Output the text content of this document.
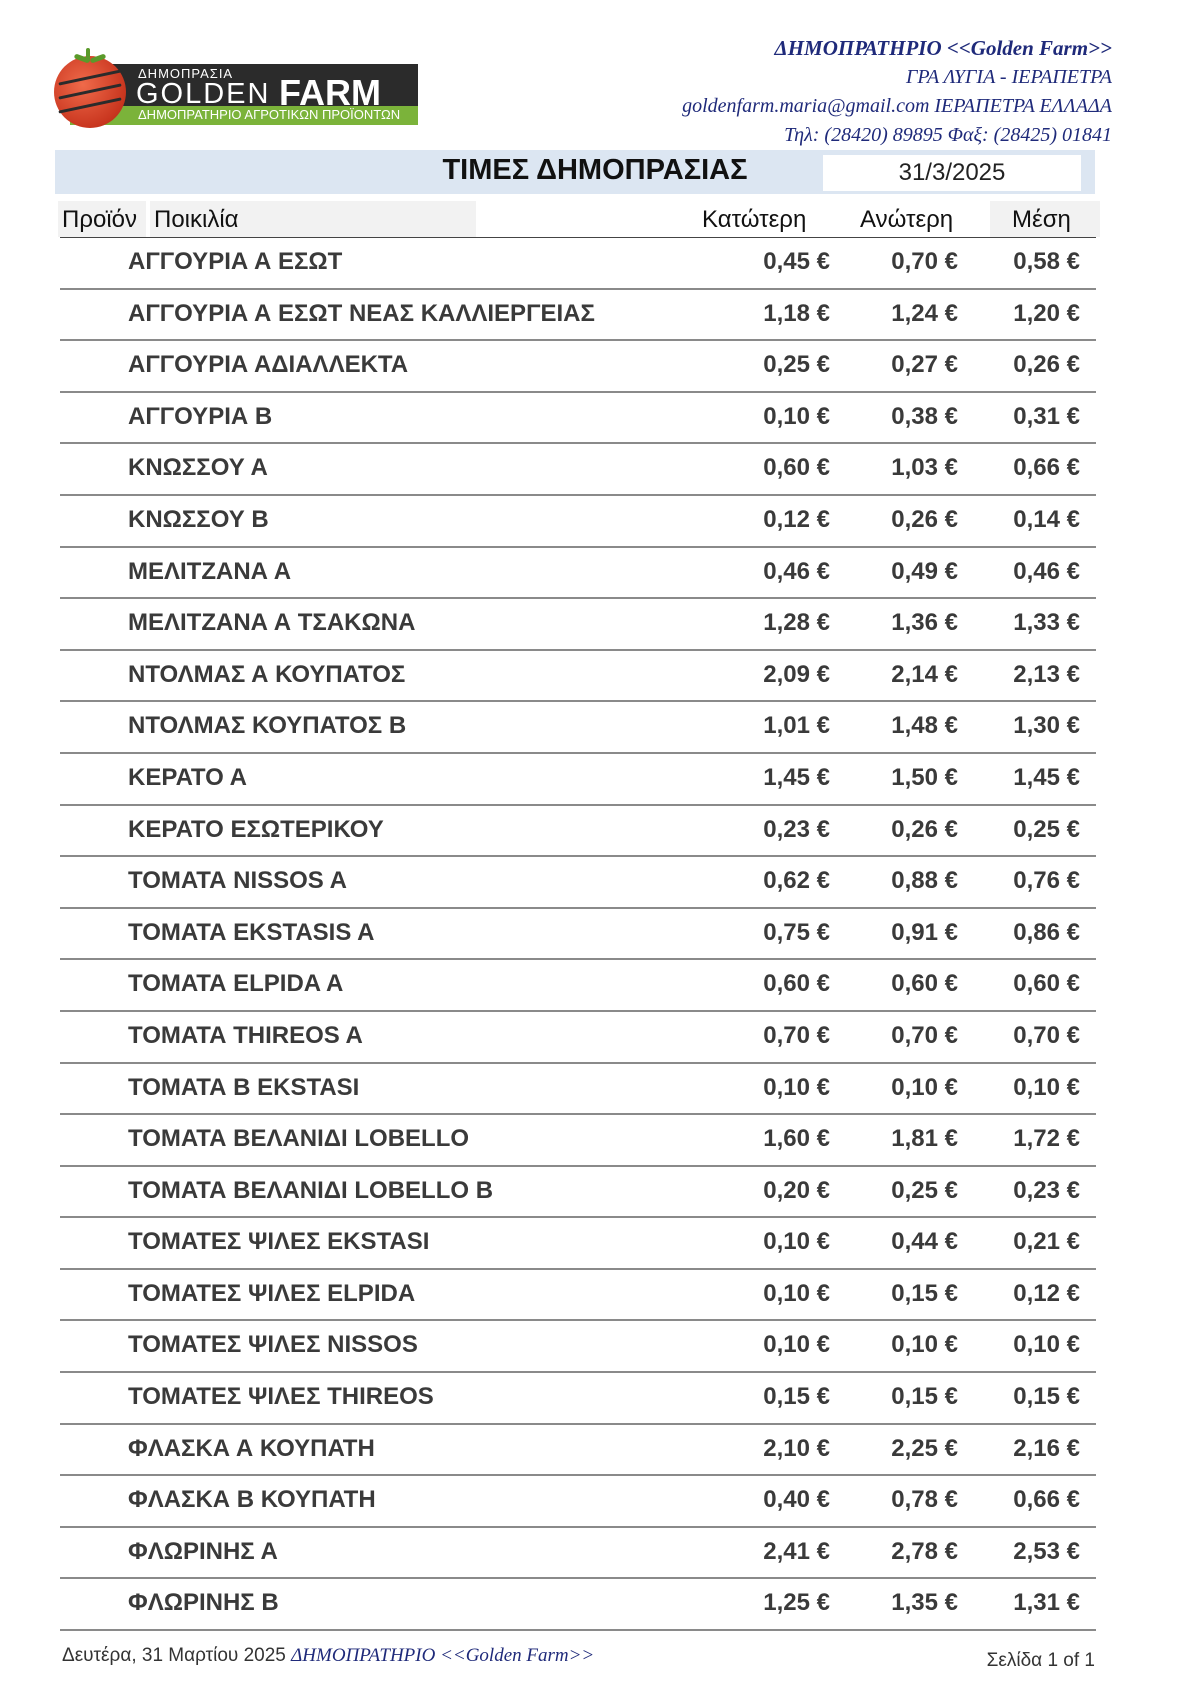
ΔΗΜΟΠΡΑΣΙΑ
GOLDEN FARM
ΔΗΜΟΠΡΑΤΗΡΙΟ ΑΓΡΟΤΙΚΩΝ ΠΡΟΪΟΝΤΩΝ
ΔΗΜΟΠΡΑΤΗΡΙΟ <<Golden Farm>>
ΓΡΑ ΛΥΓΙΑ - ΙΕΡΑΠΕΤΡΑ
goldenfarm.maria@gmail.com ΙΕΡΑΠΕΤΡΑ ΕΛΛΑΔΑ
Τηλ: (28420) 89895 Φαξ: (28425) 01841
ΤΙΜΕΣ ΔΗΜΟΠΡΑΣΙΑΣ	31/3/2025
Προϊόν Ποικιλία	Κατώτερη	Ανώτερη	Μέση
ΑΓΓΟΥΡΙΑ Α ΕΣΩΤ	0,45 €	0,70 €	0,58 €
ΑΓΓΟΥΡΙΑ Α ΕΣΩΤ ΝΕΑΣ ΚΑΛΛΙΕΡΓΕΙΑΣ	1,18 €	1,24 €	1,20 €
ΑΓΓΟΥΡΙΑ ΑΔΙΑΛΛΕΚΤΑ	0,25 €	0,27 €	0,26 €
ΑΓΓΟΥΡΙΑ Β	0,10 €	0,38 €	0,31 €
ΚΝΩΣΣΟΥ Α	0,60 €	1,03 €	0,66 €
ΚΝΩΣΣΟΥ Β	0,12 €	0,26 €	0,14 €
ΜΕΛΙΤΖΑΝΑ Α	0,46 €	0,49 €	0,46 €
ΜΕΛΙΤΖΑΝΑ Α ΤΣΑΚΩΝΑ	1,28 €	1,36 €	1,33 €
ΝΤΟΛΜΑΣ Α ΚΟΥΠΑΤΟΣ	2,09 €	2,14 €	2,13 €
ΝΤΟΛΜΑΣ ΚΟΥΠΑΤΟΣ Β	1,01 €	1,48 €	1,30 €
ΚΕΡΑΤΟ Α	1,45 €	1,50 €	1,45 €
ΚΕΡΑΤΟ ΕΣΩΤΕΡΙΚΟΥ	0,23 €	0,26 €	0,25 €
ΤΟΜΑΤΑ NISSOS A	0,62 €	0,88 €	0,76 €
ΤΟΜΑΤΑ EKSTASIS A	0,75 €	0,91 €	0,86 €
ΤΟΜΑΤΑ ELPIDA A	0,60 €	0,60 €	0,60 €
ΤΟΜΑΤΑ THIREOS A	0,70 €	0,70 €	0,70 €
ΤΟΜΑΤΑ Β EKSTASI	0,10 €	0,10 €	0,10 €
ΤΟΜΑΤΑ ΒΕΛΑΝΙΔΙ LOBELLO	1,60 €	1,81 €	1,72 €
ΤΟΜΑΤΑ ΒΕΛΑΝΙΔΙ LOBELLO Β	0,20 €	0,25 €	0,23 €
ΤΟΜΑΤΕΣ ΨΙΛΕΣ EKSTASI	0,10 €	0,44 €	0,21 €
ΤΟΜΑΤΕΣ ΨΙΛΕΣ ELPIDA	0,10 €	0,15 €	0,12 €
ΤΟΜΑΤΕΣ ΨΙΛΕΣ NISSOS	0,10 €	0,10 €	0,10 €
ΤΟΜΑΤΕΣ ΨΙΛΕΣ THIREOS	0,15 €	0,15 €	0,15 €
ΦΛΑΣΚΑ Α ΚΟΥΠΑΤΗ	2,10 €	2,25 €	2,16 €
ΦΛΑΣΚΑ Β ΚΟΥΠΑΤΗ	0,40 €	0,78 €	0,66 €
ΦΛΩΡΙΝΗΣ Α	2,41 €	2,78 €	2,53 €
ΦΛΩΡΙΝΗΣ Β	1,25 €	1,35 €	1,31 €
Δευτέρα, 31 Μαρτίου 2025 ΔΗΜΟΠΡΑΤΗΡΙΟ <<Golden Farm>>	Σελίδα 1 of 1
